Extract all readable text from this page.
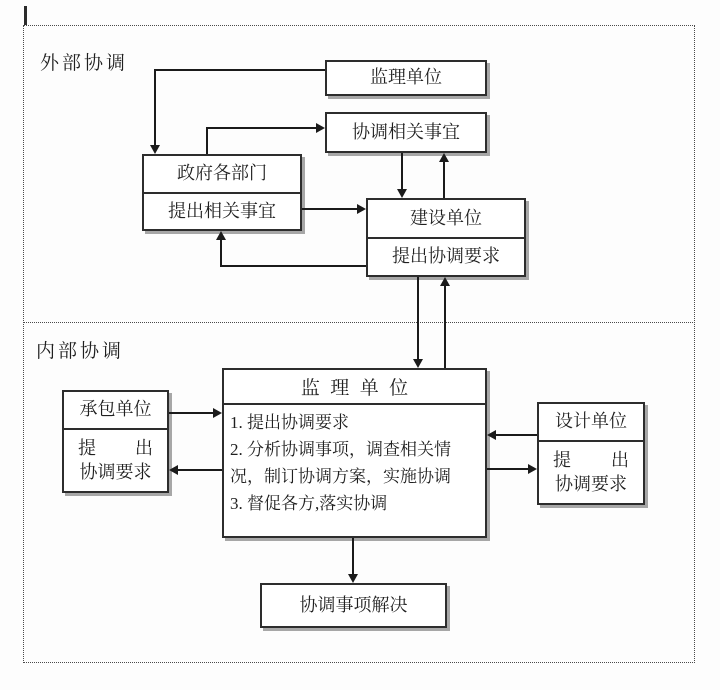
外部协调
内部协调
监理单位
协调相关事宜
政府各部门
提出相关事宜	建设单位
提出协调要求
监理单位
1. 提出协调要求
2. 分析协调事项，调查相关情况，制订协调方案，实施协调
3. 督促各方,落实协调
承包单位
提出
协调要求
设计单位
提出
协调要求
协调事项解决
